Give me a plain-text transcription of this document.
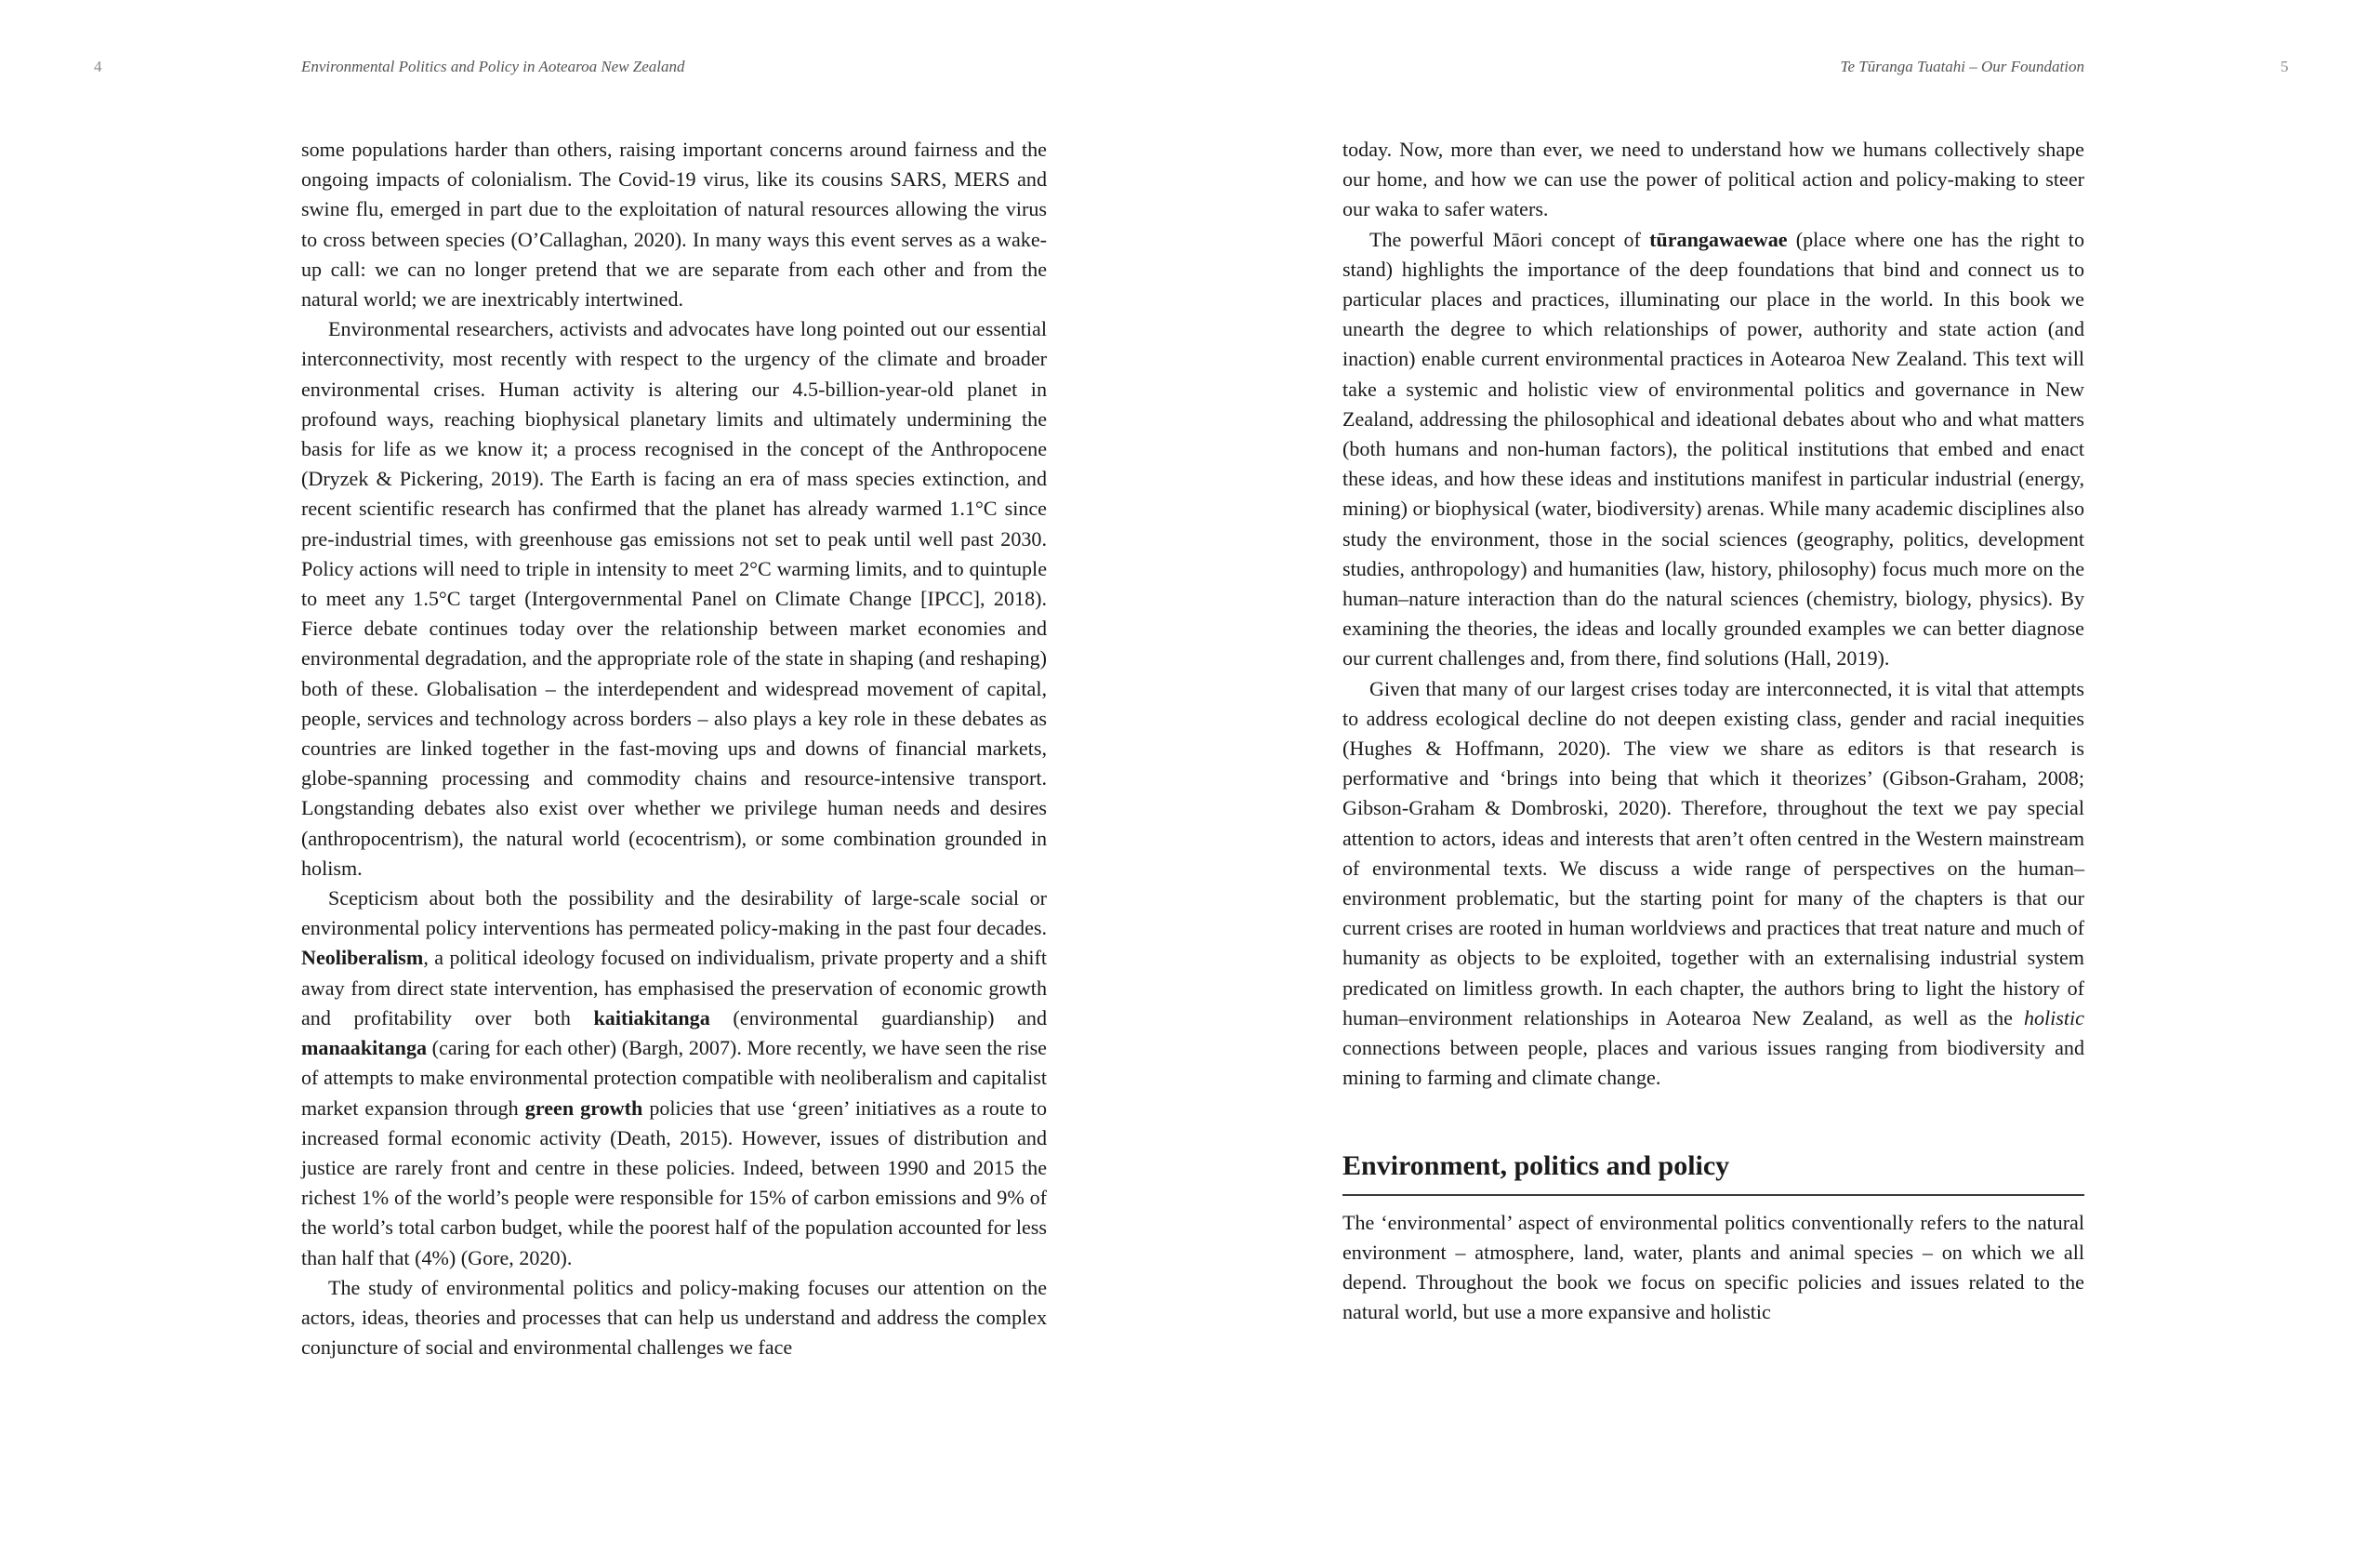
4	Environmental Politics and Policy in Aotearoa New Zealand

some populations harder than others, raising important concerns around fairness and the ongoing impacts of colonialism. The Covid-19 virus, like its cousins SARS, MERS and swine flu, emerged in part due to the exploitation of natural resources allowing the virus to cross between species (O’Callaghan, 2020). In many ways this event serves as a wake-up call: we can no longer pretend that we are separate from each other and from the natural world; we are inextricably intertwined.

Environmental researchers, activists and advocates have long pointed out our essential interconnectivity, most recently with respect to the urgency of the climate and broader environmental crises. Human activity is altering our 4.5-billion-year-old planet in profound ways, reaching biophysical planetary limits and ultimately undermining the basis for life as we know it; a process recognised in the concept of the Anthropocene (Dryzek & Pickering, 2019). The Earth is facing an era of mass species extinction, and recent scientific research has confirmed that the planet has already warmed 1.1°C since pre-industrial times, with greenhouse gas emissions not set to peak until well past 2030. Policy actions will need to triple in intensity to meet 2°C warming limits, and to quintuple to meet any 1.5°C target (Intergovernmental Panel on Climate Change [IPCC], 2018). Fierce debate continues today over the relationship between market economies and environmental degradation, and the appropriate role of the state in shaping (and reshaping) both of these. Globalisation – the interdependent and widespread movement of capital, people, services and technology across borders – also plays a key role in these debates as countries are linked together in the fast-moving ups and downs of financial markets, globe-spanning processing and commodity chains and resource-intensive transport. Longstanding debates also exist over whether we privilege human needs and desires (anthropocentrism), the natural world (ecocentrism), or some combination grounded in holism.

Scepticism about both the possibility and the desirability of large-scale social or environmental policy interventions has permeated policy-making in the past four decades. Neoliberalism, a political ideology focused on individualism, private property and a shift away from direct state intervention, has emphasised the preservation of economic growth and profitability over both kaitiakitanga (environmental guardianship) and manaakitanga (caring for each other) (Bargh, 2007). More recently, we have seen the rise of attempts to make environmental protection compatible with neoliberalism and capitalist market expansion through green growth policies that use ‘green’ initiatives as a route to increased formal economic activity (Death, 2015). However, issues of distribution and justice are rarely front and centre in these policies. Indeed, between 1990 and 2015 the richest 1% of the world’s people were responsible for 15% of carbon emissions and 9% of the world’s total carbon budget, while the poorest half of the population accounted for less than half that (4%) (Gore, 2020).

The study of environmental politics and policy-making focuses our attention on the actors, ideas, theories and processes that can help us understand and address the complex conjuncture of social and environmental challenges we face

Te Tūranga Tuatahi – Our Foundation	5

today. Now, more than ever, we need to understand how we humans collectively shape our home, and how we can use the power of political action and policy-making to steer our waka to safer waters.

The powerful Māori concept of tūrangawaewae (place where one has the right to stand) highlights the importance of the deep foundations that bind and connect us to particular places and practices, illuminating our place in the world. In this book we unearth the degree to which relationships of power, authority and state action (and inaction) enable current environmental practices in Aotearoa New Zealand. This text will take a systemic and holistic view of environmental politics and governance in New Zealand, addressing the philosophical and ideational debates about who and what matters (both humans and non-human factors), the political institutions that embed and enact these ideas, and how these ideas and institutions manifest in particular industrial (energy, mining) or biophysical (water, biodiversity) arenas. While many academic disciplines also study the environment, those in the social sciences (geography, politics, development studies, anthropology) and humanities (law, history, philosophy) focus much more on the human–nature interaction than do the natural sciences (chemistry, biology, physics). By examining the theories, the ideas and locally grounded examples we can better diagnose our current challenges and, from there, find solutions (Hall, 2019).

Given that many of our largest crises today are interconnected, it is vital that attempts to address ecological decline do not deepen existing class, gender and racial inequities (Hughes & Hoffmann, 2020). The view we share as editors is that research is performative and ‘brings into being that which it theorizes’ (Gibson-Graham, 2008; Gibson-Graham & Dombroski, 2020). Therefore, throughout the text we pay special attention to actors, ideas and interests that aren’t often centred in the Western mainstream of environmental texts. We discuss a wide range of perspectives on the human–environment problematic, but the starting point for many of the chapters is that our current crises are rooted in human worldviews and practices that treat nature and much of humanity as objects to be exploited, together with an externalising industrial system predicated on limitless growth. In each chapter, the authors bring to light the history of human–environment relationships in Aotearoa New Zealand, as well as the holistic connections between people, places and various issues ranging from biodiversity and mining to farming and climate change.

Environment, politics and policy

The ‘environmental’ aspect of environmental politics conventionally refers to the natural environment – atmosphere, land, water, plants and animal species – on which we all depend. Throughout the book we focus on specific policies and issues related to the natural world, but use a more expansive and holistic
